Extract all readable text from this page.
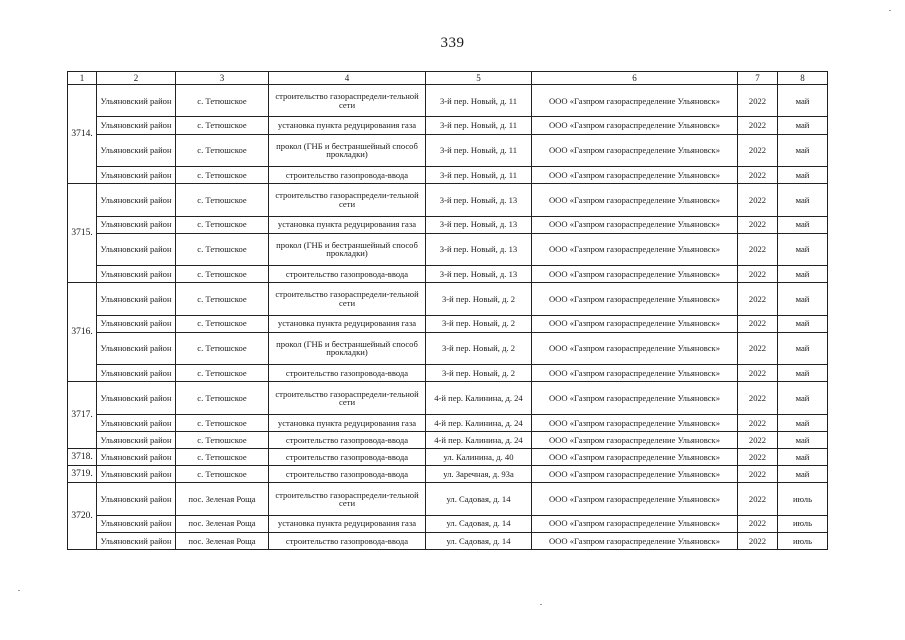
339
1	2	3	4	5	6	7	8
3714.	Ульяновский район	с. Тетюшское	строительство газораспредели-тельной сети	3-й пер. Новый, д. 11	ООО «Газпром газораспределение Ульяновск»	2022	май
	Ульяновский район	с. Тетюшское	установка пункта редуцирования газа	3-й пер. Новый, д. 11	ООО «Газпром газораспределение Ульяновск»	2022	май
	Ульяновский район	с. Тетюшское	прокол (ГНБ и бестраншейный способ прокладки)	3-й пер. Новый, д. 11	ООО «Газпром газораспределение Ульяновск»	2022	май
	Ульяновский район	с. Тетюшское	строительство газопровода-ввода	3-й пер. Новый, д. 11	ООО «Газпром газораспределение Ульяновск»	2022	май
3715.	Ульяновский район	с. Тетюшское	строительство газораспредели-тельной сети	3-й пер. Новый, д. 13	ООО «Газпром газораспределение Ульяновск»	2022	май
	Ульяновский район	с. Тетюшское	установка пункта редуцирования газа	3-й пер. Новый, д. 13	ООО «Газпром газораспределение Ульяновск»	2022	май
	Ульяновский район	с. Тетюшское	прокол (ГНБ и бестраншейный способ прокладки)	3-й пер. Новый, д. 13	ООО «Газпром газораспределение Ульяновск»	2022	май
	Ульяновский район	с. Тетюшское	строительство газопровода-ввода	3-й пер. Новый, д. 13	ООО «Газпром газораспределение Ульяновск»	2022	май
3716.	Ульяновский район	с. Тетюшское	строительство газораспредели-тельной сети	3-й пер. Новый, д. 2	ООО «Газпром газораспределение Ульяновск»	2022	май
	Ульяновский район	с. Тетюшское	установка пункта редуцирования газа	3-й пер. Новый, д. 2	ООО «Газпром газораспределение Ульяновск»	2022	май
	Ульяновский район	с. Тетюшское	прокол (ГНБ и бестраншейный способ прокладки)	3-й пер. Новый, д. 2	ООО «Газпром газораспределение Ульяновск»	2022	май
	Ульяновский район	с. Тетюшское	строительство газопровода-ввода	3-й пер. Новый, д. 2	ООО «Газпром газораспределение Ульяновск»	2022	май
3717.	Ульяновский район	с. Тетюшское	строительство газораспредели-тельной сети	4-й пер. Калинина, д. 24	ООО «Газпром газораспределение Ульяновск»	2022	май
	Ульяновский район	с. Тетюшское	установка пункта редуцирования газа	4-й пер. Калинина, д. 24	ООО «Газпром газораспределение Ульяновск»	2022	май
	Ульяновский район	с. Тетюшское	строительство газопровода-ввода	4-й пер. Калинина, д. 24	ООО «Газпром газораспределение Ульяновск»	2022	май
3718.	Ульяновский район	с. Тетюшское	строительство газопровода-ввода	ул. Калинина, д. 40	ООО «Газпром газораспределение Ульяновск»	2022	май
3719.	Ульяновский район	с. Тетюшское	строительство газопровода-ввода	ул. Заречная, д. 93а	ООО «Газпром газораспределение Ульяновск»	2022	май
3720.	Ульяновский район	пос. Зеленая Роща	строительство газораспредели-тельной сети	ул. Садовая, д. 14	ООО «Газпром газораспределение Ульяновск»	2022	июль
	Ульяновский район	пос. Зеленая Роща	установка пункта редуцирования газа	ул. Садовая, д. 14	ООО «Газпром газораспределение Ульяновск»	2022	июль
	Ульяновский район	пос. Зеленая Роща	строительство газопровода-ввода	ул. Садовая, д. 14	ООО «Газпром газораспределение Ульяновск»	2022	июль
